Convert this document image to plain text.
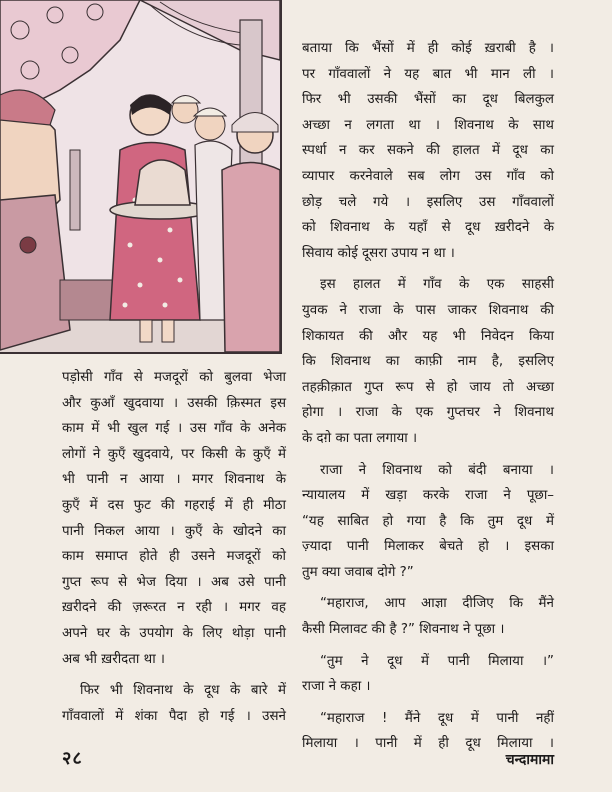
पड़ोसी गाँव से मजदूरों को बुलवा भेजा
और कुआँ खुदवाया । उसकी क़िस्मत इस
काम में भी खुल गई । उस गाँव के अनेक
लोगों ने कुएँ खुदवाये, पर किसी के कुएँ में
भी पानी न आया । मगर शिवनाथ के
कुएँ में दस फुट की गहराई में ही मीठा
पानी निकल आया । कुएँ के खोदने का
काम समाप्त होते ही उसने मजदूरों को
गुप्त रूप से भेज दिया । अब उसे पानी
ख़रीदने की ज़रूरत न रही । मगर वह
अपने घर के उपयोग के लिए थोड़ा पानी
अब भी ख़रीदता था ।

फिर भी शिवनाथ के दूध के बारे में
गाँववालों में शंका पैदा हो गई । उसने

बताया कि भैंसों में ही कोई ख़राबी है ।
पर गाँववालों ने यह बात भी मान ली ।
फिर भी उसकी भैंसों का दूध बिलकुल
अच्छा न लगता था । शिवनाथ के साथ
स्पर्धा न कर सकने की हालत में दूध का
व्यापार करनेवाले सब लोग उस गाँव को
छोड़ चले गये । इसलिए उस गाँववालों
को शिवनाथ के यहाँ से दूध ख़रीदने के
सिवाय कोई दूसरा उपाय न था ।

इस हालत में गाँव के एक साहसी
युवक ने राजा के पास जाकर शिवनाथ की
शिकायत की और यह भी निवेदन किया
कि शिवनाथ का काफ़ी नाम है, इसलिए
तहक़ीक़ात गुप्त रूप से हो जाय तो अच्छा
होगा । राजा के एक गुप्तचर ने शिवनाथ
के दग़े का पता लगाया ।

राजा ने शिवनाथ को बंदी बनाया ।
न्यायालय में खड़ा करके राजा ने पूछा–
“यह साबित हो गया है कि तुम दूध में
ज़्यादा पानी मिलाकर बेचते हो । इसका
तुम क्या जवाब दोगे ?”

“महाराज, आप आज्ञा दीजिए कि मैंने
कैसी मिलावट की है ?” शिवनाथ ने पूछा ।

“तुम ने दूध में पानी मिलाया ।”
राजा ने कहा ।

“महाराज ! मैंने दूध में पानी नहीं
मिलाया । पानी में ही दूध मिलाया ।

२८	चन्दामामा
